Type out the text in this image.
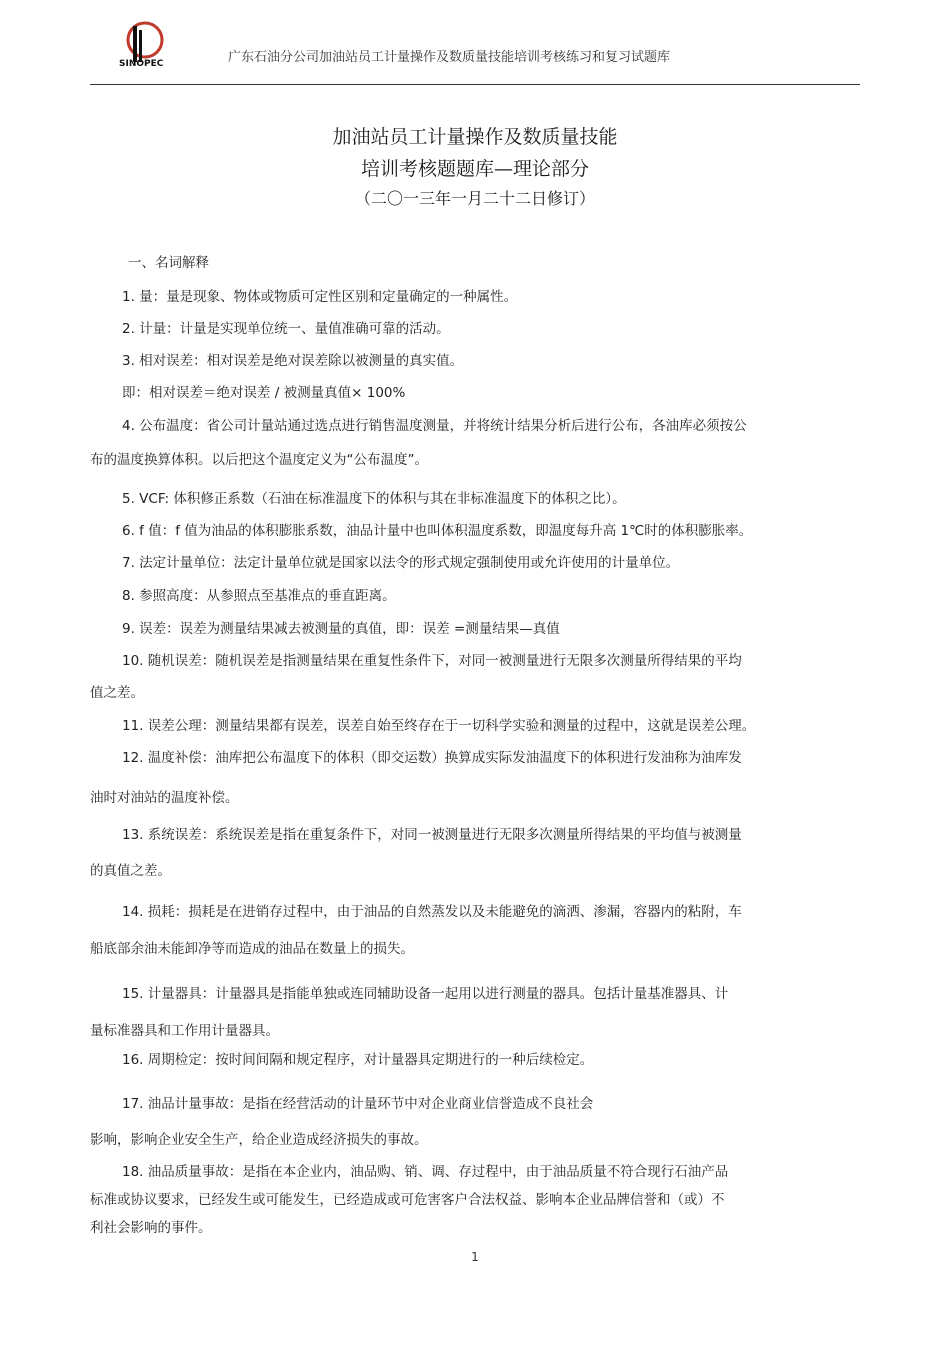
SINOPEC	广东石油分公司加油站员工计量操作及数质量技能培训考核练习和复习试题库
加油站员工计量操作及数质量技能
培训考核题题库—理论部分
（二〇一三年一月二十二日修订）
一、名词解释
1. 量：量是现象、物体或物质可定性区别和定量确定的一种属性。
2. 计量：计量是实现单位统一、量值准确可靠的活动。
3. 相对误差：相对误差是绝对误差除以被测量的真实值。
即：相对误差＝绝对误差 / 被测量真值× 100%
4. 公布温度：省公司计量站通过选点进行销售温度测量，并将统计结果分析后进行公布，各油库必须按公
布的温度换算体积。以后把这个温度定义为“公布温度”。
5. VCF: 体积修正系数（石油在标准温度下的体积与其在非标准温度下的体积之比）。
6. f 值：f 值为油品的体积膨胀系数，油品计量中也叫体积温度系数，即温度每升高 1℃时的体积膨胀率。
7. 法定计量单位：法定计量单位就是国家以法令的形式规定强制使用或允许使用的计量单位。
8. 参照高度：从参照点至基准点的垂直距离。
9. 误差：误差为测量结果减去被测量的真值，即：误差 =测量结果—真值
10. 随机误差：随机误差是指测量结果在重复性条件下，对同一被测量进行无限多次测量所得结果的平均
值之差。
11. 误差公理：测量结果都有误差，误差自始至终存在于一切科学实验和测量的过程中，这就是误差公理。
12. 温度补偿：油库把公布温度下的体积（即交运数）换算成实际发油温度下的体积进行发油称为油库发
油时对油站的温度补偿。
13. 系统误差：系统误差是指在重复条件下，对同一被测量进行无限多次测量所得结果的平均值与被测量
的真值之差。
14. 损耗：损耗是在进销存过程中，由于油品的自然蒸发以及未能避免的滴洒、渗漏，容器内的粘附，车
船底部余油未能卸净等而造成的油品在数量上的损失。
15. 计量器具：计量器具是指能单独或连同辅助设备一起用以进行测量的器具。包括计量基准器具、计
量标准器具和工作用计量器具。
16. 周期检定：按时间间隔和规定程序，对计量器具定期进行的一种后续检定。
17. 油品计量事故：是指在经营活动的计量环节中对企业商业信誉造成不良社会
影响，影响企业安全生产，给企业造成经济损失的事故。
18. 油品质量事故：是指在本企业内，油品购、销、调、存过程中，由于油品质量不符合现行石油产品
标准或协议要求，已经发生或可能发生，已经造成或可危害客户合法权益、影响本企业品牌信誉和（或）不
利社会影响的事件。
1
